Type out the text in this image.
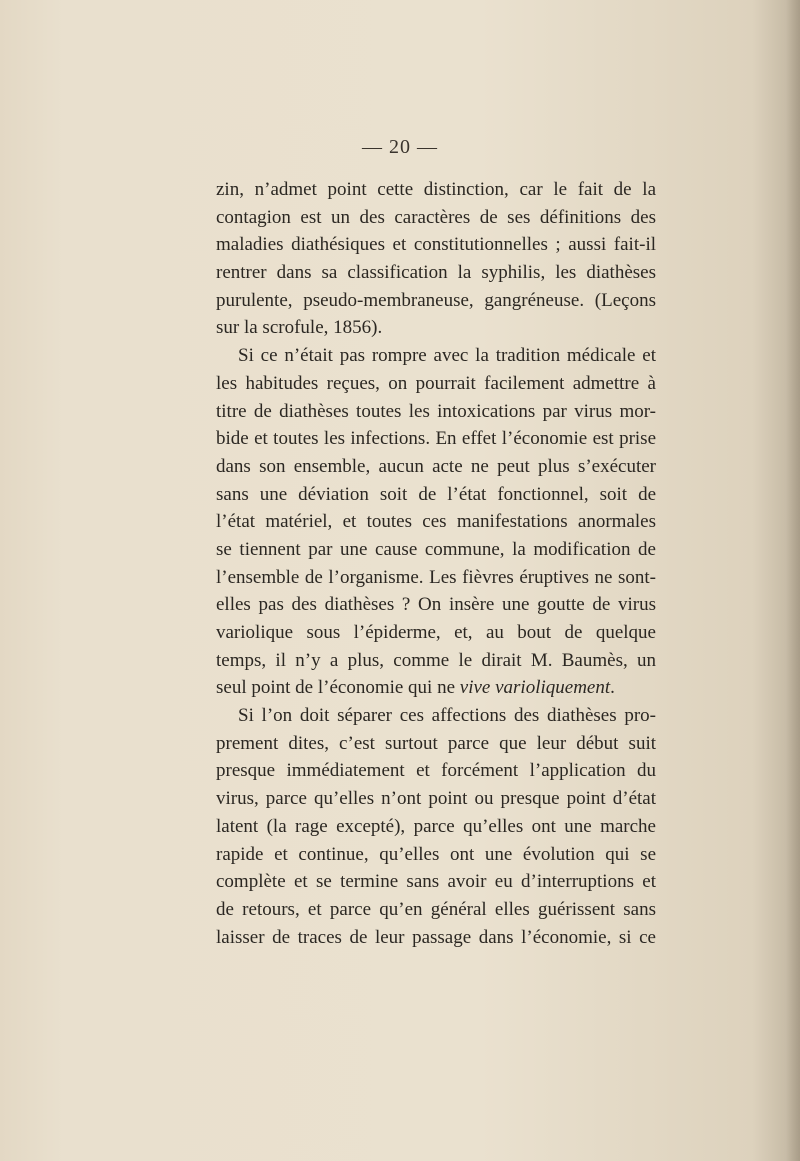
— 20 —
zin, n’admet point cette distinction, car le fait de la
contagion est un des caractères de ses définitions des
maladies diathésiques et constitutionnelles ; aussi fait-il
rentrer dans sa classification la syphilis, les diathèses
purulente, pseudo-membraneuse, gangréneuse. (Leçons
sur la scrofule, 1856).
Si ce n’était pas rompre avec la tradition médicale et
les habitudes reçues, on pourrait facilement admettre à
titre de diathèses toutes les intoxications par virus mor-
bide et toutes les infections. En effet l’économie est prise
dans son ensemble, aucun acte ne peut plus s’exécuter
sans une déviation soit de l’état fonctionnel, soit de
l’état matériel, et toutes ces manifestations anormales
se tiennent par une cause commune, la modification de
l’ensemble de l’organisme. Les fièvres éruptives ne sont-
elles pas des diathèses ? On insère une goutte de virus
variolique sous l’épiderme, et, au bout de quelque
temps, il n’y a plus, comme le dirait M. Baumès, un
seul point de l’économie qui ne vive varioliquement.
Si l’on doit séparer ces affections des diathèses pro-
prement dites, c’est surtout parce que leur début suit
presque immédiatement et forcément l’application du
virus, parce qu’elles n’ont point ou presque point d’état
latent (la rage excepté), parce qu’elles ont une marche
rapide et continue, qu’elles ont une évolution qui se
complète et se termine sans avoir eu d’interruptions et
de retours, et parce qu’en général elles guérissent sans
laisser de traces de leur passage dans l’économie, si ce
